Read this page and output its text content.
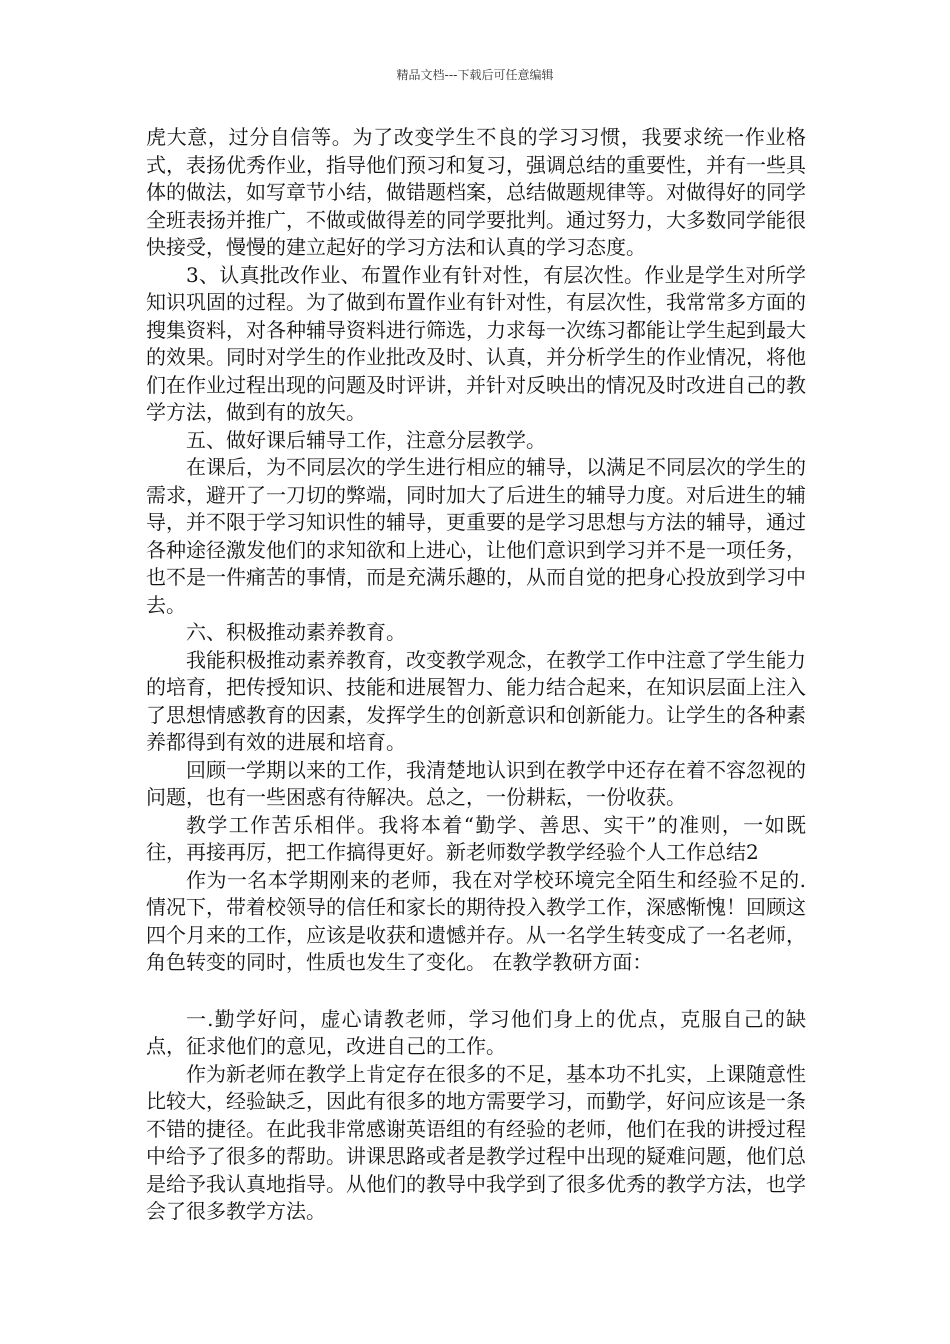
精品文档---下载后可任意编辑

虎大意，过分自信等。为了改变学生不良的学习习惯，我要求统一作业格式，表扬优秀作业，指导他们预习和复习，强调总结的重要性，并有一些具体的做法，如写章节小结，做错题档案，总结做题规律等。对做得好的同学全班表扬并推广，不做或做得差的同学要批判。通过努力，大多数同学能很快接受，慢慢的建立起好的学习方法和认真的学习态度。

3、认真批改作业、布置作业有针对性，有层次性。作业是学生对所学知识巩固的过程。为了做到布置作业有针对性，有层次性，我常常多方面的搜集资料，对各种辅导资料进行筛选，力求每一次练习都能让学生起到最大的效果。同时对学生的作业批改及时、认真，并分析学生的作业情况，将他们在作业过程出现的问题及时评讲，并针对反映出的情况及时改进自己的教学方法，做到有的放矢。

五、做好课后辅导工作，注意分层教学。

在课后，为不同层次的学生进行相应的辅导，以满足不同层次的学生的需求，避开了一刀切的弊端，同时加大了后进生的辅导力度。对后进生的辅导，并不限于学习知识性的辅导，更重要的是学习思想与方法的辅导，通过各种途径激发他们的求知欲和上进心，让他们意识到学习并不是一项任务，也不是一件痛苦的事情，而是充满乐趣的，从而自觉的把身心投放到学习中去。

六、积极推动素养教育。

我能积极推动素养教育，改变教学观念，在教学工作中注意了学生能力的培育，把传授知识、技能和进展智力、能力结合起来，在知识层面上注入了思想情感教育的因素，发挥学生的创新意识和创新能力。让学生的各种素养都得到有效的进展和培育。

回顾一学期以来的工作，我清楚地认识到在教学中还存在着不容忽视的问题，也有一些困惑有待解决。总之，一份耕耘，一份收获。

教学工作苦乐相伴。我将本着“勤学、善思、实干”的准则，一如既往，再接再厉，把工作搞得更好。新老师数学教学经验个人工作总结2

作为一名本学期刚来的老师，我在对学校环境完全陌生和经验不足的.情况下，带着校领导的信任和家长的期待投入教学工作，深感惭愧！回顾这四个月来的工作，应该是收获和遗憾并存。从一名学生转变成了一名老师，角色转变的同时，性质也发生了变化。 在教学教研方面：

一.勤学好问，虚心请教老师，学习他们身上的优点，克服自己的缺点，征求他们的意见，改进自己的工作。

作为新老师在教学上肯定存在很多的不足，基本功不扎实，上课随意性比较大，经验缺乏，因此有很多的地方需要学习，而勤学，好问应该是一条不错的捷径。在此我非常感谢英语组的有经验的老师，他们在我的讲授过程中给予了很多的帮助。讲课思路或者是教学过程中出现的疑难问题，他们总是给予我认真地指导。从他们的教导中我学到了很多优秀的教学方法，也学会了很多教学方法。
